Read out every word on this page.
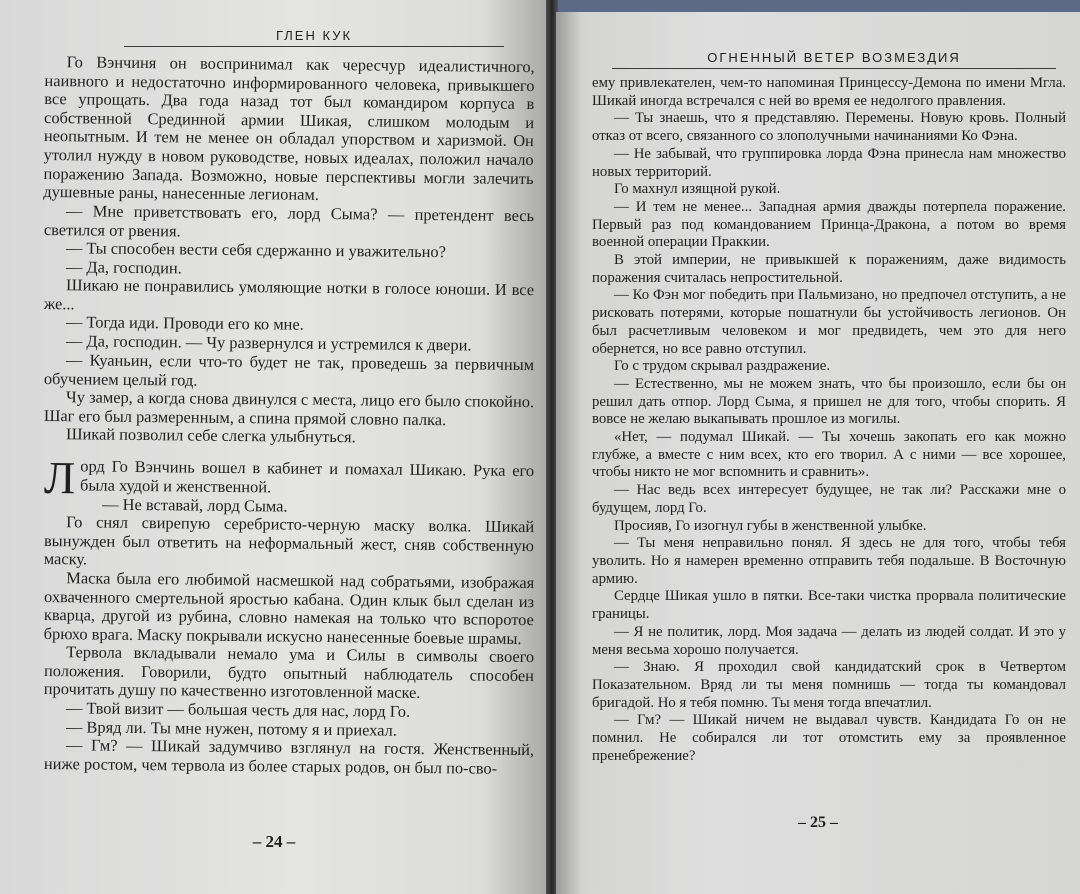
ГЛЕН КУК

Го Вэнчиня он воспринимал как чересчур идеалистичного, наивного и недостаточно информированного человека, привыкшего все упрощать. Два года назад тот был командиром корпуса в собственной Срединной армии Шикая, слишком молодым и неопытным. И тем не менее он обладал упорством и харизмой. Он утолил нужду в новом руководстве, новых идеалах, положил начало поражению Запада. Возможно, новые перспективы могли залечить душевные раны, нанесенные легионам.

— Мне приветствовать его, лорд Сыма? — претендент весь светился от рвения.

— Ты способен вести себя сдержанно и уважительно?

— Да, господин.

Шикаю не понравились умоляющие нотки в голосе юноши. И все же...

— Тогда иди. Проводи его ко мне.

— Да, господин. — Чу развернулся и устремился к двери.

— Куаньин, если что-то будет не так, проведешь за первичным обучением целый год.

Чу замер, а когда снова двинулся с места, лицо его было спокойно. Шаг его был размеренным, а спина прямой словно палка.

Шикай позволил себе слегка улыбнуться.

Лорд Го Вэнчинь вошел в кабинет и помахал Шикаю. Рука его была худой и женственной.

— Не вставай, лорд Сыма.

Го снял свирепую серебристо-черную маску волка. Шикай вынужден был ответить на неформальный жест, сняв собственную маску.

Маска была его любимой насмешкой над собратьями, изображая охваченного смертельной яростью кабана. Один клык был сделан из кварца, другой из рубина, словно намекая на только что вспоротое брюхо врага. Маску покрывали искусно нанесенные боевые шрамы.

Тервола вкладывали немало ума и Силы в символы своего положения. Говорили, будто опытный наблюдатель способен прочитать душу по качественно изготовленной маске.

— Твой визит — большая честь для нас, лорд Го.

— Вряд ли. Ты мне нужен, потому я и приехал.

— Гм? — Шикай задумчиво взглянул на гостя. Женственный, ниже ростом, чем тервола из более старых родов, он был по-сво-

– 24 –
ОГНЕННЫЙ ВЕТЕР ВОЗМЕЗДИЯ

ему привлекателен, чем-то напоминая Принцессу-Демона по имени Мгла. Шикай иногда встречался с ней во время ее недолгого правления.

— Ты знаешь, что я представляю. Перемены. Новую кровь. Полный отказ от всего, связанного со злополучными начинаниями Ко Фэна.

— Не забывай, что группировка лорда Фэна принесла нам множество новых территорий.

Го махнул изящной рукой.

— И тем не менее... Западная армия дважды потерпела поражение. Первый раз под командованием Принца-Дракона, а потом во время военной операции Праккии.

В этой империи, не привыкшей к поражениям, даже видимость поражения считалась непростительной.

— Ко Фэн мог победить при Пальмизано, но предпочел отступить, а не рисковать потерями, которые пошатнули бы устойчивость легионов. Он был расчетливым человеком и мог предвидеть, чем это для него обернется, но все равно отступил.

Го с трудом скрывал раздражение.

— Естественно, мы не можем знать, что бы произошло, если бы он решил дать отпор. Лорд Сыма, я пришел не для того, чтобы спорить. Я вовсе не желаю выкапывать прошлое из могилы.

«Нет, — подумал Шикай. — Ты хочешь закопать его как можно глубже, а вместе с ним всех, кто его творил. А с ними — все хорошее, чтобы никто не мог вспомнить и сравнить».

— Нас ведь всех интересует будущее, не так ли? Расскажи мне о будущем, лорд Го.

Просияв, Го изогнул губы в женственной улыбке.

— Ты меня неправильно понял. Я здесь не для того, чтобы тебя уволить. Но я намерен временно отправить тебя подальше. В Восточную армию.

Сердце Шикая ушло в пятки. Все-таки чистка прорвала политические границы.

— Я не политик, лорд. Моя задача — делать из людей солдат. И это у меня весьма хорошо получается.

— Знаю. Я проходил свой кандидатский срок в Четвертом Показательном. Вряд ли ты меня помнишь — тогда ты командовал бригадой. Но я тебя помню. Ты меня тогда впечатлил.

— Гм? — Шикай ничем не выдавал чувств. Кандидата Го он не помнил. Не собирался ли тот отомстить ему за проявленное пренебрежение?

– 25 –
